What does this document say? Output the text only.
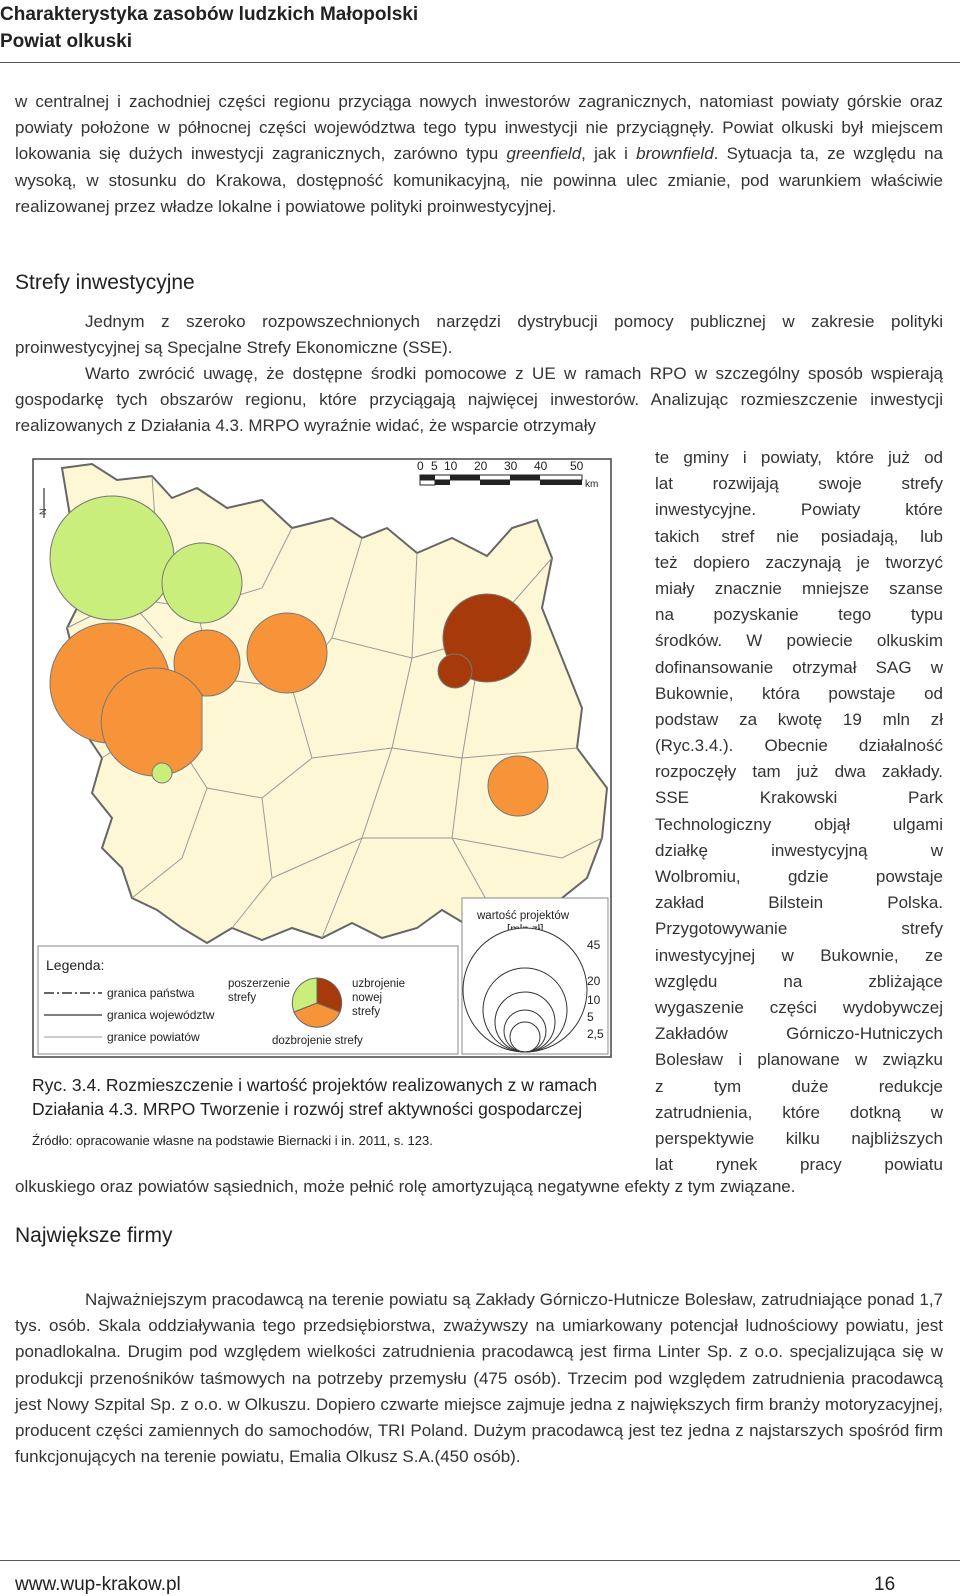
Charakterystyka zasobów ludzkich Małopolski
Powiat olkuski
w centralnej i zachodniej części regionu przyciąga nowych inwestorów zagranicznych, natomiast powiaty górskie oraz powiaty położone w północnej części województwa tego typu inwestycji nie przyciągnęły. Powiat olkuski był miejscem lokowania się dużych inwestycji zagranicznych, zarówno typu greenfield, jak i brownfield. Sytuacja ta, ze względu na wysoką, w stosunku do Krakowa, dostępność komunikacyjną, nie powinna ulec zmianie, pod warunkiem właściwie realizowanej przez władze lokalne i powiatowe polityki proinwestycyjnej.
Strefy inwestycyjne
Jednym z szeroko rozpowszechnionych narzędzi dystrybucji pomocy publicznej w zakresie polityki proinwestycyjnej są Specjalne Strefy Ekonomiczne (SSE).
Warto zwrócić uwagę, że dostępne środki pomocowe z UE w ramach RPO w szczególny sposób wspierają gospodarkę tych obszarów regionu, które przyciągają najwięcej inwestorów. Analizując rozmieszczenie inwestycji realizowanych z Działania 4.3. MRPO wyraźnie widać, że wsparcie otrzymały
te gminy i powiaty, które już od
lat rozwijają swoje strefy
inwestycyjne. Powiaty które
takich stref nie posiadają, lub
też dopiero zaczynają je tworzyć
miały znacznie mniejsze szanse
na pozyskanie tego typu
środków. W powiecie olkuskim
dofinansowanie otrzymał SAG w
Bukownie, która powstaje od
podstaw za kwotę 19 mln zł
(Ryc.3.4.). Obecnie działalność
rozpoczęły tam już dwa zakłady.
SSE Krakowski Park
Technologiczny objął ulgami
działkę inwestycyjną w
Wolbromiu, gdzie powstaje
zakład Bilstein Polska.
Przygotowywanie strefy
inwestycyjnej w Bukownie, ze
względu na zbliżające
wygaszenie części wydobywczej
Zakładów Górniczo-Hutniczych
Bolesław i planowane w związku
z tym duże redukcje
zatrudnienia, które dotkną w
perspektywie kilku najbliższych
lat rynek pracy powiatu
olkuskiego oraz powiatów sąsiednich, może pełnić rolę amortyzującą negatywne efekty z tym związane.
N
0 5 10 20 30 40 50
km
Legenda:
granica państwa
granica województw
granice powiatów
poszerzenie
strefy
uzbrojenie
nowej
strefy
dozbrojenie strefy
wartość projektów
45
20
10
5
2,5
Ryc. 3.4. Rozmieszczenie i wartość projektów realizowanych z w ramach
Działania 4.3. MRPO Tworzenie i rozwój stref aktywności gospodarczej
Źródło: opracowanie własne na podstawie Biernacki i in. 2011, s. 123.
Największe firmy
Najważniejszym pracodawcą na terenie powiatu są Zakłady Górniczo-Hutnicze Bolesław, zatrudniające ponad 1,7 tys. osób. Skala oddziaływania tego przedsiębiorstwa, zważywszy na umiarkowany potencjał ludnościowy powiatu, jest ponadlokalna. Drugim pod względem wielkości zatrudnienia pracodawcą jest firma Linter Sp. z o.o. specjalizująca się w produkcji przenośników taśmowych na potrzeby przemysłu (475 osób). Trzecim pod względem zatrudnienia pracodawcą jest Nowy Szpital Sp. z o.o. w Olkuszu. Dopiero czwarte miejsce zajmuje jedna z największych firm branży motoryzacyjnej, producent części zamiennych do samochodów, TRI Poland. Dużym pracodawcą jest tez jedna z najstarszych spośród firm funkcjonujących na terenie powiatu, Emalia Olkusz S.A.(450 osób).
www.wup-krakow.pl	16
